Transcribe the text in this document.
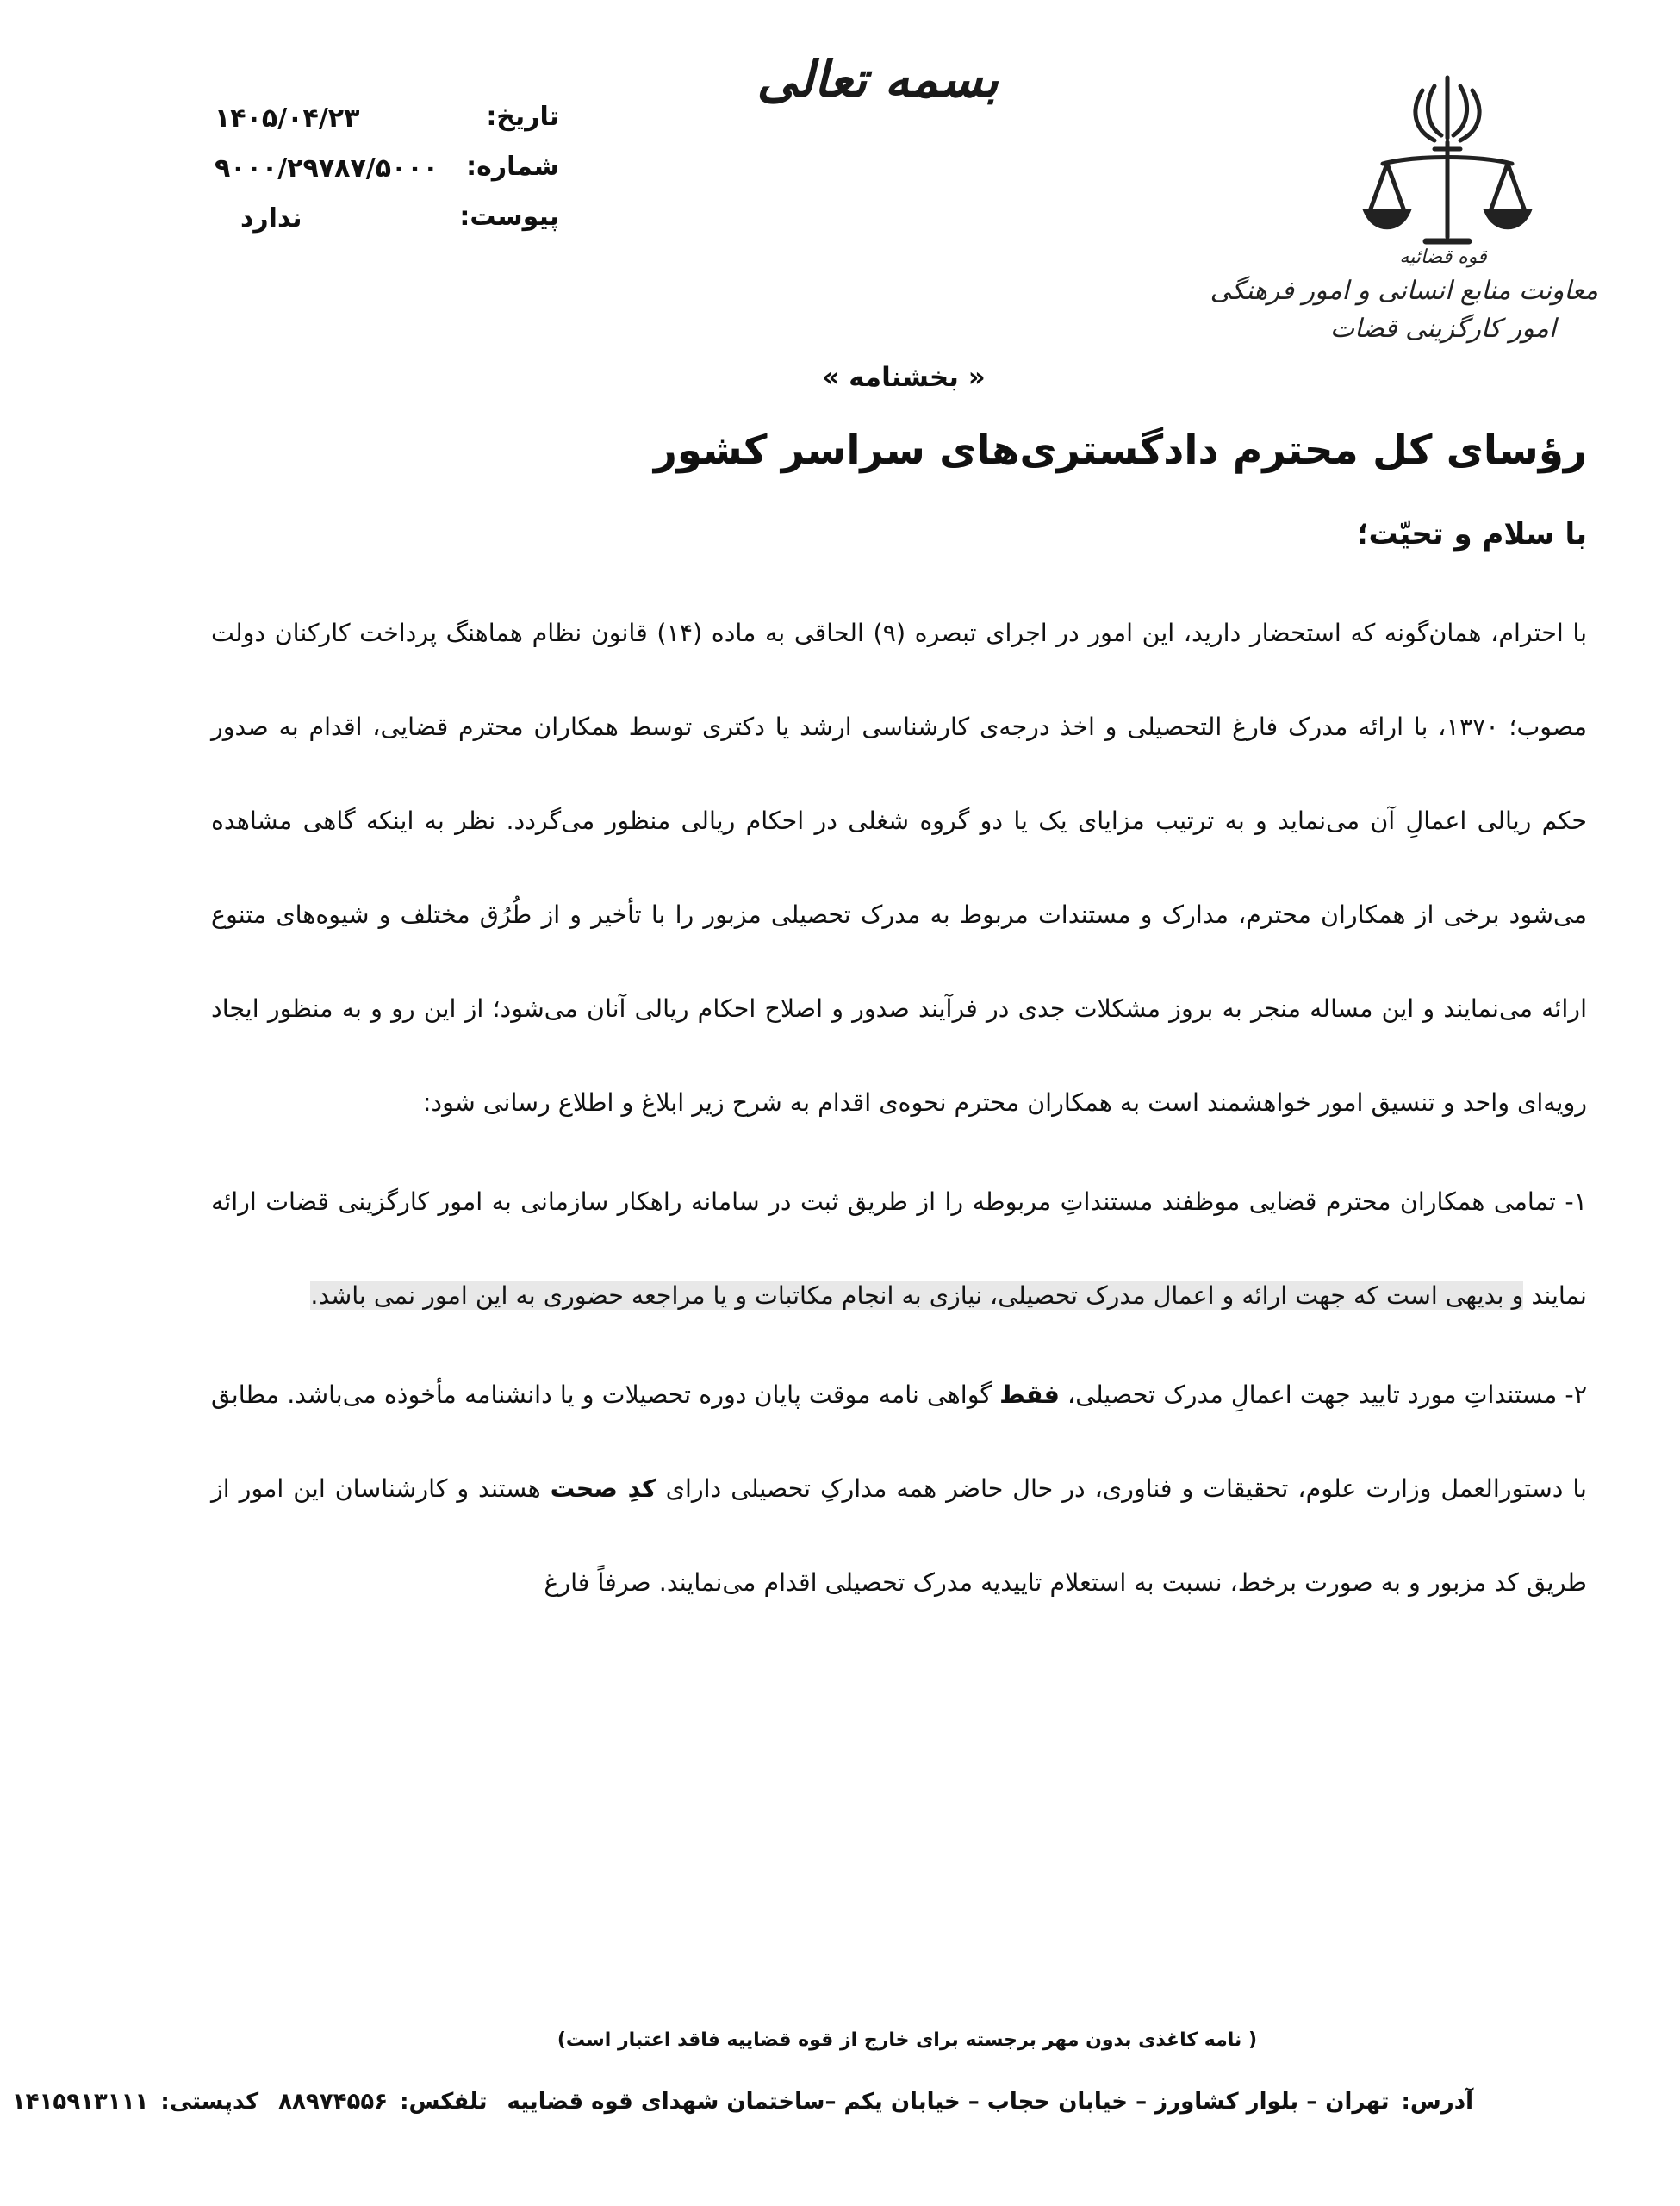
قوه قضائیه
معاونت منابع انسانی و امور فرهنگی
امور کارگزینی قضات
بسمه تعالی
تاریخ:
۱۴۰۵/۰۴/۲۳
شماره:
۹۰۰۰/۲۹۷۸۷/۵۰۰۰
پیوست:
ندارد
« بخشنامه »
رؤسای کل محترم دادگستری‌های سراسر کشور
با سلام و تحیّت؛

با احترام، همان‌گونه که استحضار دارید، این امور در اجرای تبصره (۹) الحاقی به ماده (۱۴) قانون نظام هماهنگ پرداخت کارکنان دولت مصوب؛ ۱۳۷۰، با ارائه مدرک فارغ التحصیلی و اخذ درجه‌ی کارشناسی ارشد یا دکتری توسط همکاران محترم قضایی، اقدام به صدور حکم ریالی اعمالِ آن می‌نماید و به ترتیب مزایای یک یا دو گروه شغلی در احکام ریالی منظور می‌گردد. نظر به اینکه گاهی مشاهده می‌شود برخی از همکاران محترم، مدارک و مستندات مربوط به مدرک تحصیلی مزبور را با تأخیر و از طُرُق مختلف و شیوه‌های متنوع ارائه می‌نمایند و این مساله منجر به بروز مشکلات جدی در فرآیند صدور و اصلاح احکام ریالی آنان می‌شود؛ از این رو و به منظور ایجاد رویه‌ای واحد و تنسیق امور خواهشمند است به همکاران محترم نحوه‌ی اقدام به شرح زیر ابلاغ و اطلاع رسانی شود:

۱- تمامی همکاران محترم قضایی موظفند مستنداتِ مربوطه را از طریق ثبت در سامانه راهکار سازمانی به امور کارگزینی قضات ارائه نمایند و بدیهی است که جهت ارائه و اعمال مدرک تحصیلی، نیازی به انجام مکاتبات و یا مراجعه حضوری به این امور نمی باشد.

۲- مستنداتِ مورد تایید جهت اعمالِ مدرک تحصیلی، فقط گواهی نامه موقت پایان دوره تحصیلات و یا دانشنامه مأخوذه می‌باشد. مطابق با دستورالعمل وزارت علوم، تحقیقات و فناوری، در حال حاضر همه مدارکِ تحصیلی دارای کدِ صحت هستند و کارشناسان این امور از طریق کد مزبور و به صورت برخط، نسبت به استعلام تاییدیه مدرک تحصیلی اقدام می‌نمایند. صرفاً فارغ

( نامه کاغذی بدون مهر برجسته برای خارج از قوه قضاییه فاقد اعتبار است)
آدرس:تهران – بلوار کشاورز – خیابان حجاب – خیابان یکم –ساختمان شهدای قوه قضاییه تلفکس:۸۸۹۷۴۵۵۶ کدپستی:۱۴۱۵۹۱۳۱۱۱
